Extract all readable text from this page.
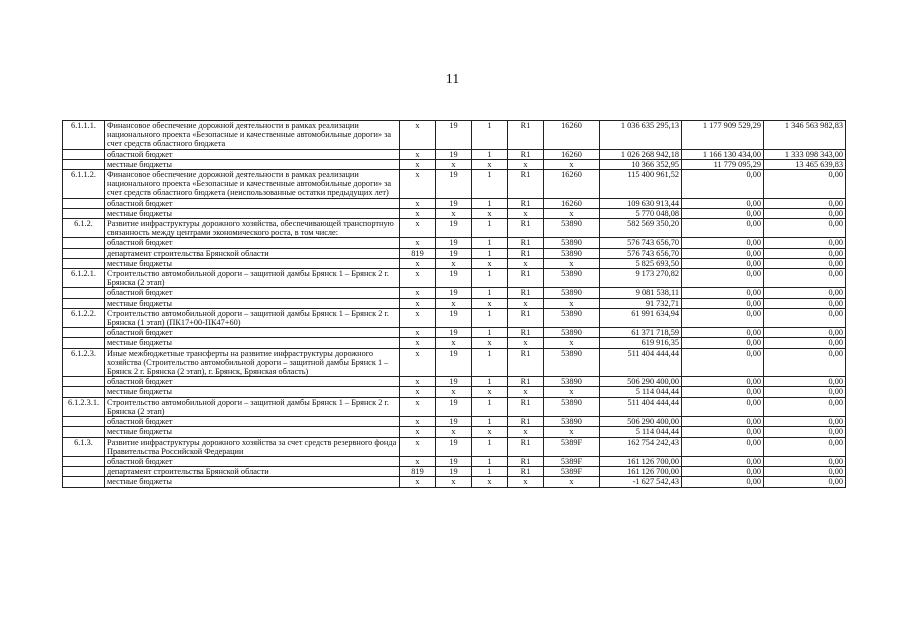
11
6.1.1.1.	Финансовое обеспечение дорожной деятельности в рамках реализации национального проекта «Безопасные и качественные автомобильные дороги» за счет средств областного бюджета	х	19	1	R1	16260	1 036 635 295,13	1 177 909 529,29	1 346 563 982,83
	областной бюджет	х	19	1	R1	16260	1 026 268 942,18	1 166 130 434,00	1 333 098 343,00
	местные бюджеты	х	х	х	х	х	10 366 352,95	11 779 095,29	13 465 639,83
6.1.1.2.	Финансовое обеспечение дорожной деятельности в рамках реализации национального проекта «Безопасные и качественные автомобильные дороги» за счет средств областного бюджета (неиспользованные остатки предыдущих лет)	х	19	1	R1	16260	115 400 961,52	0,00	0,00
	областной бюджет	х	19	1	R1	16260	109 630 913,44	0,00	0,00
	местные бюджеты	х	х	х	х	х	5 770 048,08	0,00	0,00
6.1.2.	Развитие инфраструктуры дорожного хозяйства, обеспечивающей транспортную связанность между центрами экономического роста, в том числе:	х	19	1	R1	53890	582 569 350,20	0,00	0,00
	областной бюджет	х	19	1	R1	53890	576 743 656,70	0,00	0,00
	департамент строительства Брянской области	819	19	1	R1	53890	576 743 656,70	0,00	0,00
	местные бюджеты	х	х	х	х	х	5 825 693,50	0,00	0,00
6.1.2.1.	Строительство автомобильной дороги – защитной дамбы Брянск 1 – Брянск 2 г. Брянска (2 этап)	х	19	1	R1	53890	9 173 270,82	0,00	0,00
	областной бюджет	х	19	1	R1	53890	9 081 538,11	0,00	0,00
	местные бюджеты	х	х	х	х	х	91 732,71	0,00	0,00
6.1.2.2.	Строительство автомобильной дороги – защитной дамбы Брянск 1 – Брянск 2 г. Брянска (1 этап) (ПК17+00-ПК47+60)	х	19	1	R1	53890	61 991 634,94	0,00	0,00
	областной бюджет	х	19	1	R1	53890	61 371 718,59	0,00	0,00
	местные бюджеты	х	х	х	х	х	619 916,35	0,00	0,00
6.1.2.3.	Иные межбюджетные трансферты на развитие инфраструктуры дорожного хозяйства (Строительство автомобильной дороги – защитной дамбы Брянск 1 – Брянск 2 г. Брянска (2 этап), г. Брянск, Брянская область)	х	19	1	R1	53890	511 404 444,44	0,00	0,00
	областной бюджет	х	19	1	R1	53890	506 290 400,00	0,00	0,00
	местные бюджеты	х	х	х	х	х	5 114 044,44	0,00	0,00
6.1.2.3.1.	Строительство автомобильной дороги – защитной дамбы Брянск 1 – Брянск 2 г. Брянска (2 этап)	х	19	1	R1	53890	511 404 444,44	0,00	0,00
	областной бюджет	х	19	1	R1	53890	506 290 400,00	0,00	0,00
	местные бюджеты	х	х	х	х	х	5 114 044,44	0,00	0,00
6.1.3.	Развитие инфраструктуры дорожного хозяйства за счет средств резервного фонда Правительства Российской Федерации	х	19	1	R1	5389F	162 754 242,43	0,00	0,00
	областной бюджет	х	19	1	R1	5389F	161 126 700,00	0,00	0,00
	департамент строительства Брянской области	819	19	1	R1	5389F	161 126 700,00	0,00	0,00
	местные бюджеты	х	х	х	х	х	-1 627 542,43	0,00	0,00
